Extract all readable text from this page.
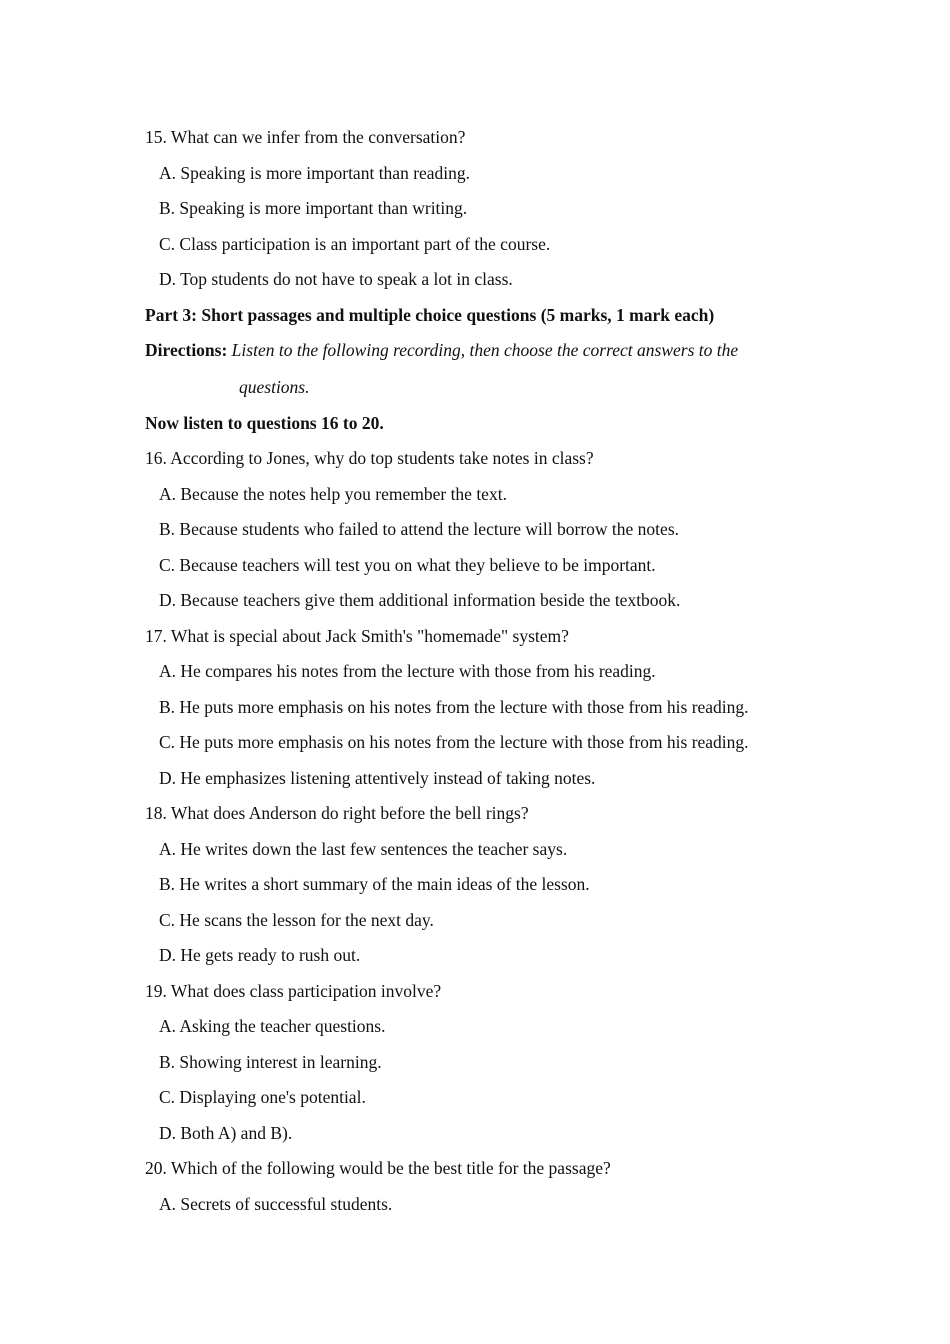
15. What can we infer from the conversation?
A. Speaking is more important than reading.
B. Speaking is more important than writing.
C. Class participation is an important part of the course.
D. Top students do not have to speak a lot in class.
Part 3: Short passages and multiple choice questions (5 marks, 1 mark each)
Directions: Listen to the following recording, then choose the correct answers to the
questions.
Now listen to questions 16 to 20.
16. According to Jones, why do top students take notes in class?
A. Because the notes help you remember the text.
B. Because students who failed to attend the lecture will borrow the notes.
C. Because teachers will test you on what they believe to be important.
D. Because teachers give them additional information beside the textbook.
17. What is special about Jack Smith's "homemade" system?
A. He compares his notes from the lecture with those from his reading.
B. He puts more emphasis on his notes from the lecture with those from his reading.
C. He puts more emphasis on his notes from the lecture with those from his reading.
D. He emphasizes listening attentively instead of taking notes.
18. What does Anderson do right before the bell rings?
A. He writes down the last few sentences the teacher says.
B. He writes a short summary of the main ideas of the lesson.
C. He scans the lesson for the next day.
D. He gets ready to rush out.
19. What does class participation involve?
A. Asking the teacher questions.
B. Showing interest in learning.
C. Displaying one's potential.
D. Both A) and B).
20. Which of the following would be the best title for the passage?
A. Secrets of successful students.
